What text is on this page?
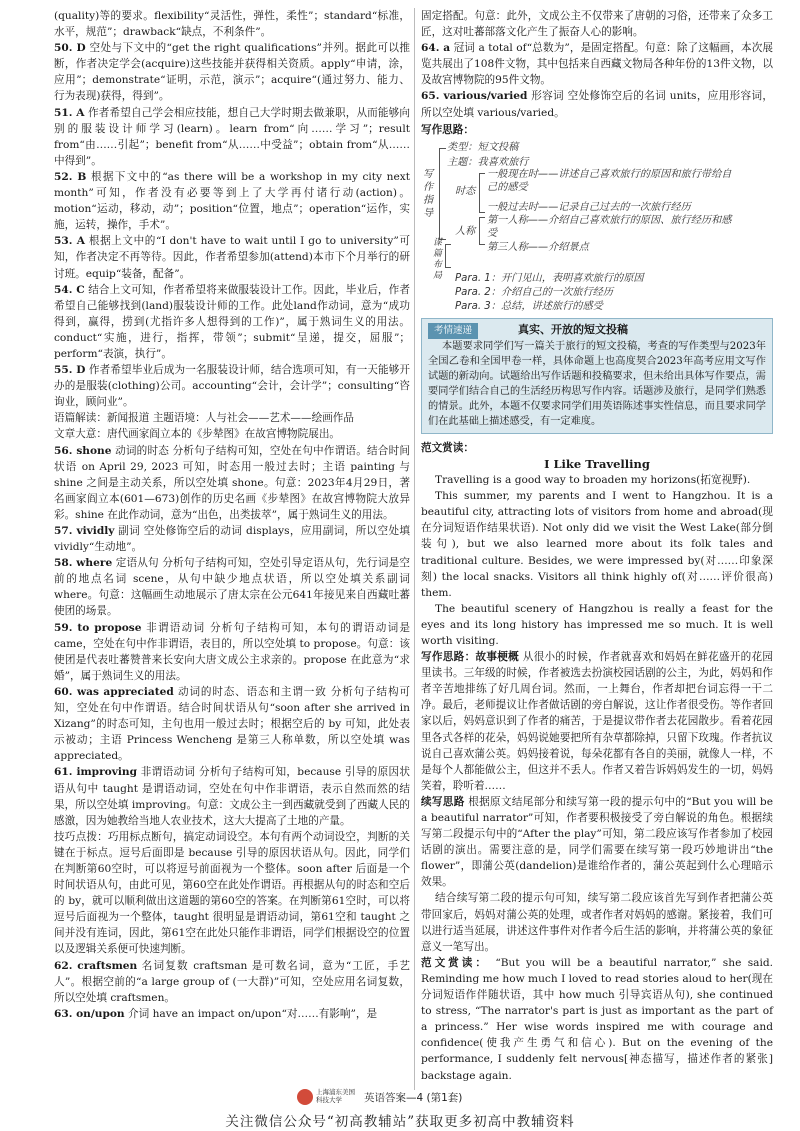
(quality)等的要求。flexibility“灵活性，弹性，柔性”；standard“标准，水平，规范”；drawback“缺点，不利条件”。

50. D 空处与下文中的“get the right qualifications”并列。据此可以推断，作者决定学会(acquire)这些技能并获得相关资质。apply“申请，涂，应用”；demonstrate“证明，示范，演示”；acquire“(通过努力、能力、行为表现)获得，得到”。

51. A 作者希望自己学会相应技能，想自己大学时期去做兼职，从而能够向别的服装设计师学习(learn)。learn from“向……学习”；result from“由……引起”；benefit from“从……中受益”；obtain from“从……中得到”。

52. B 根据下文中的“as there will be a workshop in my city next month”可知，作者没有必要等到上了大学再付诸行动(action)。motion“运动，移动，动”；position“位置，地点”；operation“运作，实施，运转，操作，手术”。

53. A 根据上文中的“I don't have to wait until I go to university”可知，作者决定不再等待。因此，作者希望参加(attend)本市下个月举行的研讨班。equip“装备，配备”。

54. C 结合上文可知，作者希望将来做服装设计工作。因此，毕业后，作者希望自己能够找到(land)服装设计师的工作。此处land作动词，意为“成功得到，赢得，捞到(尤指许多人想得到的工作)”，属于熟词生义的用法。conduct“实施，进行，指挥，带领”；submit“呈递，提交，屈服”；perform“表演，执行”。

55. D 作者希望毕业后成为一名服装设计师，结合选项可知，有一天能够开办的是服装(clothing)公司。accounting“会计，会计学”；consulting“咨询业，顾问业”。

语篇解读：新闻报道 主题语境：人与社会——艺术——绘画作品

文章大意：唐代画家阎立本的《步辇图》在故宫博物院展出。

56. shone 动词的时态 分析句子结构可知，空处在句中作谓语。结合时间状语 on April 29, 2023 可知，时态用一般过去时；主语 painting 与 shine 之间是主动关系，所以空处填 shone。句意：2023年4月29日，著名画家阎立本(601—673)创作的历史名画《步辇图》在故宫博物院大放异彩。shine 在此作动词，意为“出色，出类拔萃”，属于熟词生义的用法。

57. vividly 副词 空处修饰空后的动词 displays，应用副词，所以空处填 vividly“生动地”。

58. where 定语从句 分析句子结构可知，空处引导定语从句，先行词是空前的地点名词 scene，从句中缺少地点状语，所以空处填关系副词 where。句意：这幅画生动地展示了唐太宗在公元641年接见来自西藏吐蕃使团的场景。

59. to propose 非谓语动词 分析句子结构可知，本句的谓语动词是 came，空处在句中作非谓语，表目的，所以空处填 to propose。句意：该使团是代表吐蕃赞普来长安向大唐文成公主求亲的。propose 在此意为“求婚”，属于熟词生义的用法。

60. was appreciated 动词的时态、语态和主谓一致 分析句子结构可知，空处在句中作谓语。结合时间状语从句“soon after she arrived in Xizang”的时态可知，主句也用一般过去时；根据空后的 by 可知，此处表示被动；主语 Princess Wencheng 是第三人称单数，所以空处填 was appreciated。

61. improving 非谓语动词 分析句子结构可知，because 引导的原因状语从句中 taught 是谓语动词，空处在句中作非谓语，表示自然而然的结果，所以空处填 improving。句意：文成公主一到西藏就受到了西藏人民的感激，因为她教给当地人农业技术，这大大提高了土地的产量。

技巧点拨：巧用标点断句，搞定动词设空。本句有两个动词设空，判断的关键在于标点。逗号后面即是 because 引导的原因状语从句。因此，同学们在判断第60空时，可以将逗号前面视为一个整体。soon after 后面是一个时间状语从句，由此可见，第60空在此处作谓语。再根据从句的时态和空后的 by，就可以顺利做出这道题的第60空的答案。在判断第61空时，可以将逗号后面视为一个整体，taught 很明显是谓语动词，第61空和 taught 之间并没有连词，因此，第61空在此处只能作非谓语，同学们根据设空的位置以及逻辑关系便可快速判断。

62. craftsmen 名词复数 craftsman 是可数名词，意为“工匠，手艺人”。根据空前的“a large group of (一大群)”可知，空处应用名词复数，所以空处填 craftsmen。

63. on/upon 介词 have an impact on/upon“对……有影响”，是

固定搭配。句意：此外，文成公主不仅带来了唐朝的习俗，还带来了众多工匠，这对吐蕃部落文化产生了振奋人心的影响。

64. a 冠词 a total of“总数为”，是固定搭配。句意：除了这幅画，本次展览共展出了108件文物，其中包括来自西藏文物局各种年份的13件文物，以及故宫博物院的95件文物。

65. various/varied 形容词 空处修饰空后的名词 units，应用形容词，所以空处填 various/varied。

写作思路：

写作指导
类型：短文投稿
主题：我喜欢旅行
时态
一般现在时——讲述自己喜欢旅行的原因和旅行带给自己的感受
一般过去时——记录自己过去的一次旅行经历
人称
第一人称——介绍自己喜欢旅行的原因、旅行经历和感受
第三人称——介绍景点
谋篇布局 Para. 1：开门见山，表明喜欢旅行的原因
Para. 2：介绍自己的一次旅行经历
Para. 3：总结，讲述旅行的感受
考情速递	真实、开放的短文投稿

本题要求同学们写一篇关于旅行的短文投稿，考查的写作类型与2023年全国乙卷和全国甲卷一样，具体命题上也高度契合2023年高考应用文写作试题的新动向。试题给出写作话题和投稿要求，但未给出具体写作要点，需要同学们结合自己的生活经历构思写作内容。话题涉及旅行，是同学们熟悉的情景。此外，本题不仅要求同学们用英语陈述事实性信息，而且要求同学们在此基础上描述感受，有一定难度。

范文赏读：

I Like Travelling

Travelling is a good way to broaden my horizons(拓宽视野).

This summer, my parents and I went to Hangzhou. It is a beautiful city, attracting lots of visitors from home and abroad(现在分词短语作结果状语). Not only did we visit the West Lake(部分倒装句), but we also learned more about its folk tales and traditional culture. Besides, we were impressed by(对……印象深刻) the local snacks. Visitors all think highly of(对……评价很高) them.

The beautiful scenery of Hangzhou is really a feast for the eyes and its long history has impressed me so much. It is well worth visiting.

写作思路：故事梗概 从很小的时候，作者就喜欢和妈妈在鲜花盛开的花园里读书。三年级的时候，作者被选去扮演校园话剧的公主，为此，妈妈和作者辛苦地排练了好几周台词。然而，一上舞台，作者却把台词忘得一干二净。最后，老师提议让作者做话剧的旁白解说，这让作者很受伤。等作者回家以后，妈妈意识到了作者的痛苦，于是提议带作者去花园散步。看着花园里各式各样的花朵，妈妈说她要把所有杂草都除掉，只留下玫瑰。作者抗议说自己喜欢蒲公英。妈妈接着说，每朵花都有各自的美丽，就像人一样，不是每个人都能做公主，但这并不丢人。作者又着告诉妈妈发生的一切，妈妈笑着，聆听着……

续写思路 根据原文结尾部分和续写第一段的提示句中的“But you will be a beautiful narrator”可知，作者要积极接受了旁白解说的角色。根据续写第二段提示句中的“After the play”可知，第二段应该写作者参加了校园话剧的演出。需要注意的是，同学们需要在续写第一段巧妙地讲出“the flower”，即蒲公英(dandelion)是谁给作者的，蒲公英起到什么心理暗示效果。

结合续写第二段的提示句可知，续写第二段应该首先写到作者把蒲公英带回家后，妈妈对蒲公英的处理，或者作者对妈妈的感谢。紧接着，我们可以进行适当延展，讲述这件事件对作者今后生活的影响，并将蒲公英的象征意义一笔写出。

范文赏读： “But you will be a beautiful narrator,” she said. Reminding me how much I loved to read stories aloud to her(现在分词短语作伴随状语，其中 how much 引导宾语从句), she continued to stress, “The narrator's part is just as important as the part of a princess.” Her wise words inspired me with courage and confidence(使我产生勇气和信心). But on the evening of the performance, I suddenly felt nervous[神态描写，描述作者的紧张] backstage again.

上海浦东美国科技大学	英语答案—4 (第1套)
关注微信公众号“初高教辅站”获取更多初高中教辅资料
